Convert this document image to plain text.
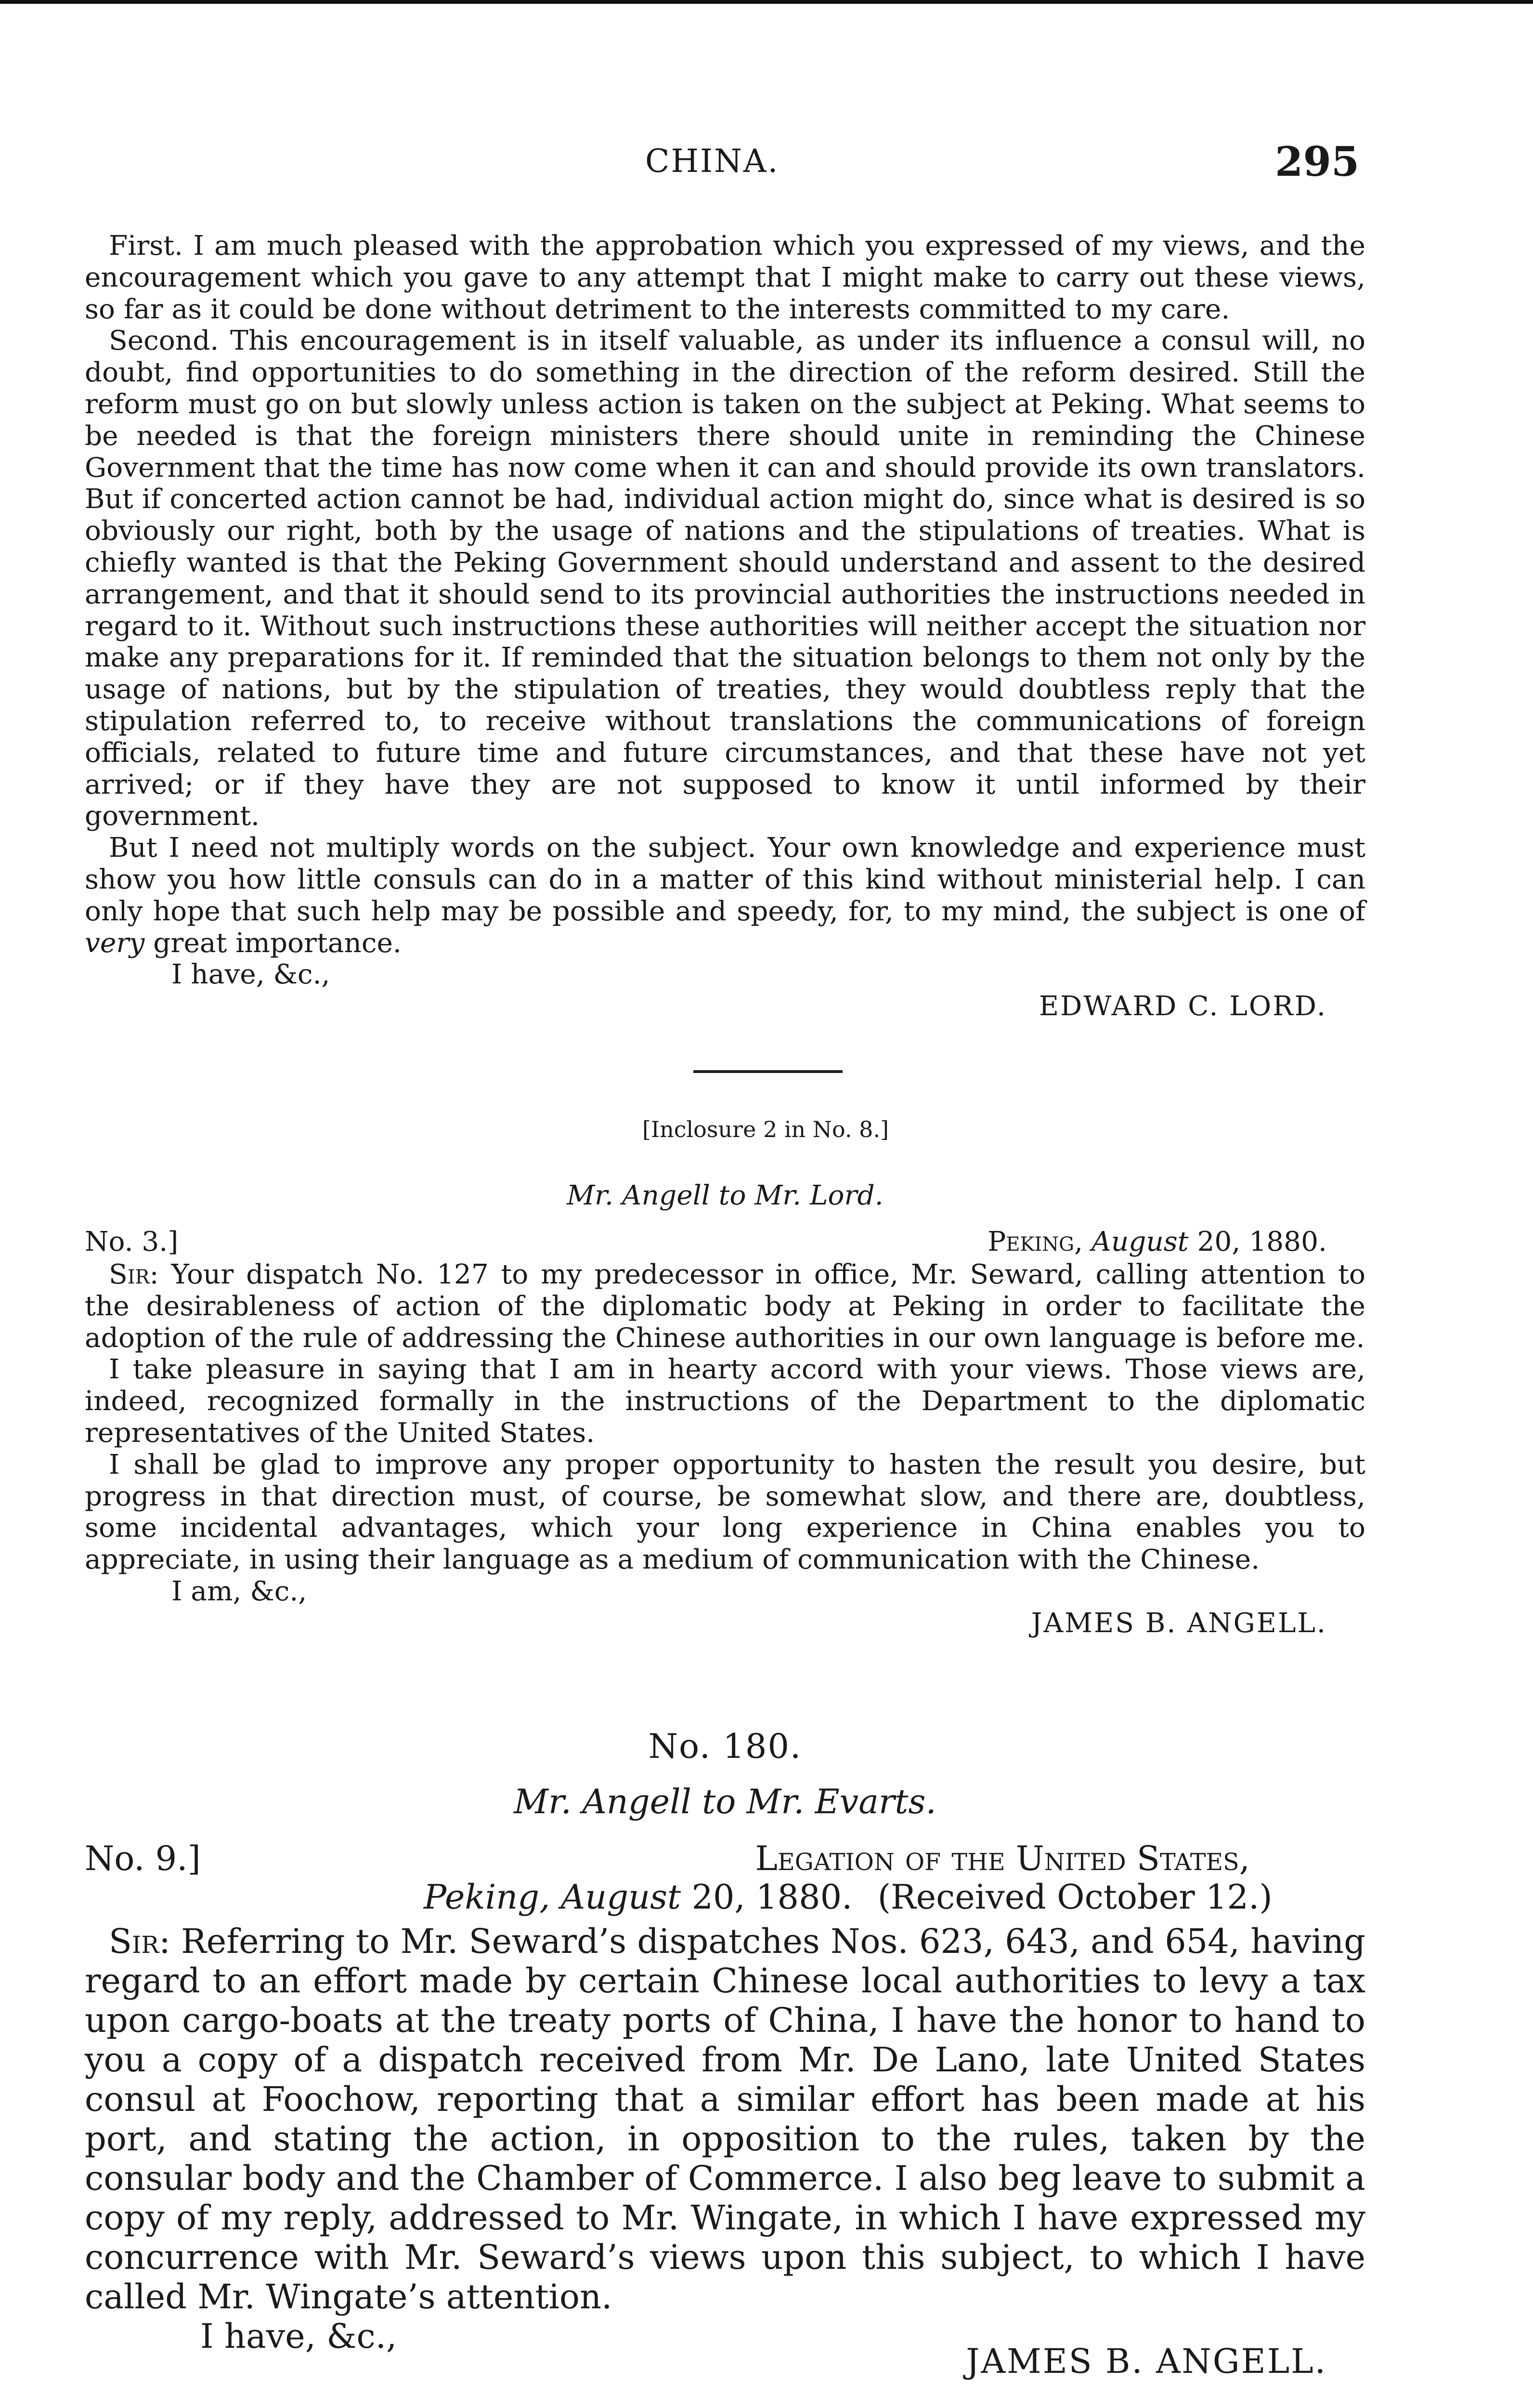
CHINA.	295

First. I am much pleased with the approbation which you expressed of my views, and the encouragement which you gave to any attempt that I might make to carry out these views, so far as it could be done without detriment to the interests committed to my care.

Second. This encouragement is in itself valuable, as under its influence a consul will, no doubt, find opportunities to do something in the direction of the reform desired. Still the reform must go on but slowly unless action is taken on the subject at Peking. What seems to be needed is that the foreign ministers there should unite in reminding the Chinese Government that the time has now come when it can and should provide its own translators. But if concerted action cannot be had, individual action might do, since what is desired is so obviously our right, both by the usage of nations and the stipulations of treaties. What is chiefly wanted is that the Peking Government should understand and assent to the desired arrangement, and that it should send to its provincial authorities the instructions needed in regard to it. Without such instructions these authorities will neither accept the situation nor make any preparations for it. If reminded that the situation belongs to them not only by the usage of nations, but by the stipulation of treaties, they would doubtless reply that the stipulation referred to, to receive without translations the communications of foreign officials, related to future time and future circumstances, and that these have not yet arrived; or if they have they are not supposed to know it until informed by their government.

But I need not multiply words on the subject. Your own knowledge and experience must show you how little consuls can do in a matter of this kind without ministerial help. I can only hope that such help may be possible and speedy, for, to my mind, the subject is one of very great importance.

I have, &c.,

EDWARD C. LORD.

[Inclosure 2 in No. 8.]

Mr. Angell to Mr. Lord.
No. 3.]	Peking, August 20, 1880.

Sir: Your dispatch No. 127 to my predecessor in office, Mr. Seward, calling attention to the desirableness of action of the diplomatic body at Peking in order to facilitate the adoption of the rule of addressing the Chinese authorities in our own language is before me.

I take pleasure in saying that I am in hearty accord with your views. Those views are, indeed, recognized formally in the instructions of the Department to the diplomatic representatives of the United States.

I shall be glad to improve any proper opportunity to hasten the result you desire, but progress in that direction must, of course, be somewhat slow, and there are, doubtless, some incidental advantages, which your long experience in China enables you to appreciate, in using their language as a medium of communication with the Chinese.

I am, &c.,

JAMES B. ANGELL.

No. 180.
Mr. Angell to Mr. Evarts.
No. 9.]	Legation of the United States,
Peking, August 20, 1880. (Received October 12.)

Sir: Referring to Mr. Seward’s dispatches Nos. 623, 643, and 654, having regard to an effort made by certain Chinese local authorities to levy a tax upon cargo-boats at the treaty ports of China, I have the honor to hand to you a copy of a dispatch received from Mr. De Lano, late United States consul at Foochow, reporting that a similar effort has been made at his port, and stating the action, in opposition to the rules, taken by the consular body and the Chamber of Commerce. I also beg leave to submit a copy of my reply, addressed to Mr. Wingate, in which I have expressed my concurrence with Mr. Seward’s views upon this subject, to which I have called Mr. Wingate’s attention.

I have, &c.,

JAMES B. ANGELL.
